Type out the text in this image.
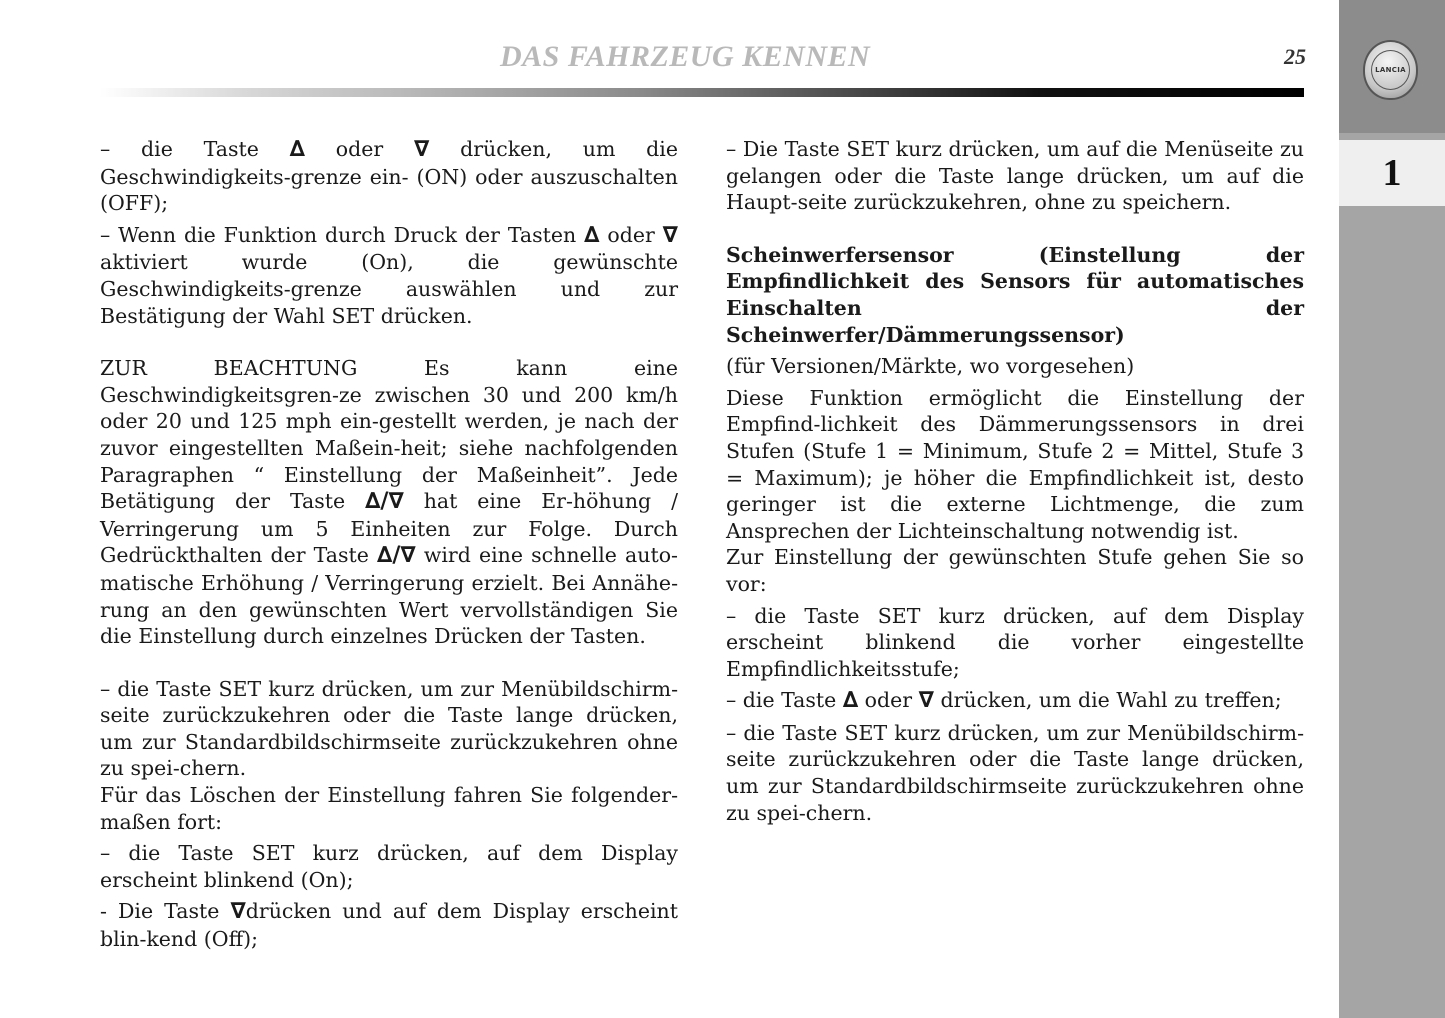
DAS FAHRZEUG KENNEN	25
LANCIA
1

– die Taste ∆ oder ∇ drücken, um die Geschwindigkeits-grenze ein- (ON) oder auszuschalten (OFF);

– Wenn die Funktion durch Druck der Tasten ∆ oder ∇ aktiviert wurde (On), die gewünschte Geschwindigkeits-grenze auswählen und zur Bestätigung der Wahl SET drücken.

ZUR BEACHTUNG Es kann eine Geschwindigkeitsgren-ze zwischen 30 und 200 km/h oder 20 und 125 mph ein-gestellt werden, je nach der zuvor eingestellten Maßein-heit; siehe nachfolgenden Paragraphen “ Einstellung der Maßeinheit”. Jede Betätigung der Taste ∆/∇ hat eine Er-höhung / Verringerung um 5 Einheiten zur Folge. Durch Gedrückthalten der Taste ∆/∇ wird eine schnelle auto-matische Erhöhung / Verringerung erzielt. Bei Annähe-rung an den gewünschten Wert vervollständigen Sie die Einstellung durch einzelnes Drücken der Tasten.

– die Taste SET kurz drücken, um zur Menübildschirm-seite zurückzukehren oder die Taste lange drücken, um zur Standardbildschirmseite zurückzukehren ohne zu spei-chern.

Für das Löschen der Einstellung fahren Sie folgender-maßen fort:

– die Taste SET kurz drücken, auf dem Display erscheint blinkend (On);

- Die Taste ∇drücken und auf dem Display erscheint blin-kend (Off);

– Die Taste SET kurz drücken, um auf die Menüseite zu gelangen oder die Taste lange drücken, um auf die Haupt-seite zurückzukehren, ohne zu speichern.

Scheinwerfersensor (Einstellung der Empfindlichkeit des Sensors für automatisches Einschalten der Scheinwerfer/Dämmerungssensor)

(für Versionen/Märkte, wo vorgesehen)

Diese Funktion ermöglicht die Einstellung der Empfind-lichkeit des Dämmerungssensors in drei Stufen (Stufe 1 = Minimum, Stufe 2 = Mittel, Stufe 3 = Maximum); je höher die Empfindlichkeit ist, desto geringer ist die externe Lichtmenge, die zum Ansprechen der Lichteinschaltung notwendig ist.

Zur Einstellung der gewünschten Stufe gehen Sie so vor:

– die Taste SET kurz drücken, auf dem Display erscheint blinkend die vorher eingestellte Empfindlichkeitsstufe;

– die Taste ∆ oder ∇ drücken, um die Wahl zu treffen;

– die Taste SET kurz drücken, um zur Menübildschirm-seite zurückzukehren oder die Taste lange drücken, um zur Standardbildschirmseite zurückzukehren ohne zu spei-chern.
